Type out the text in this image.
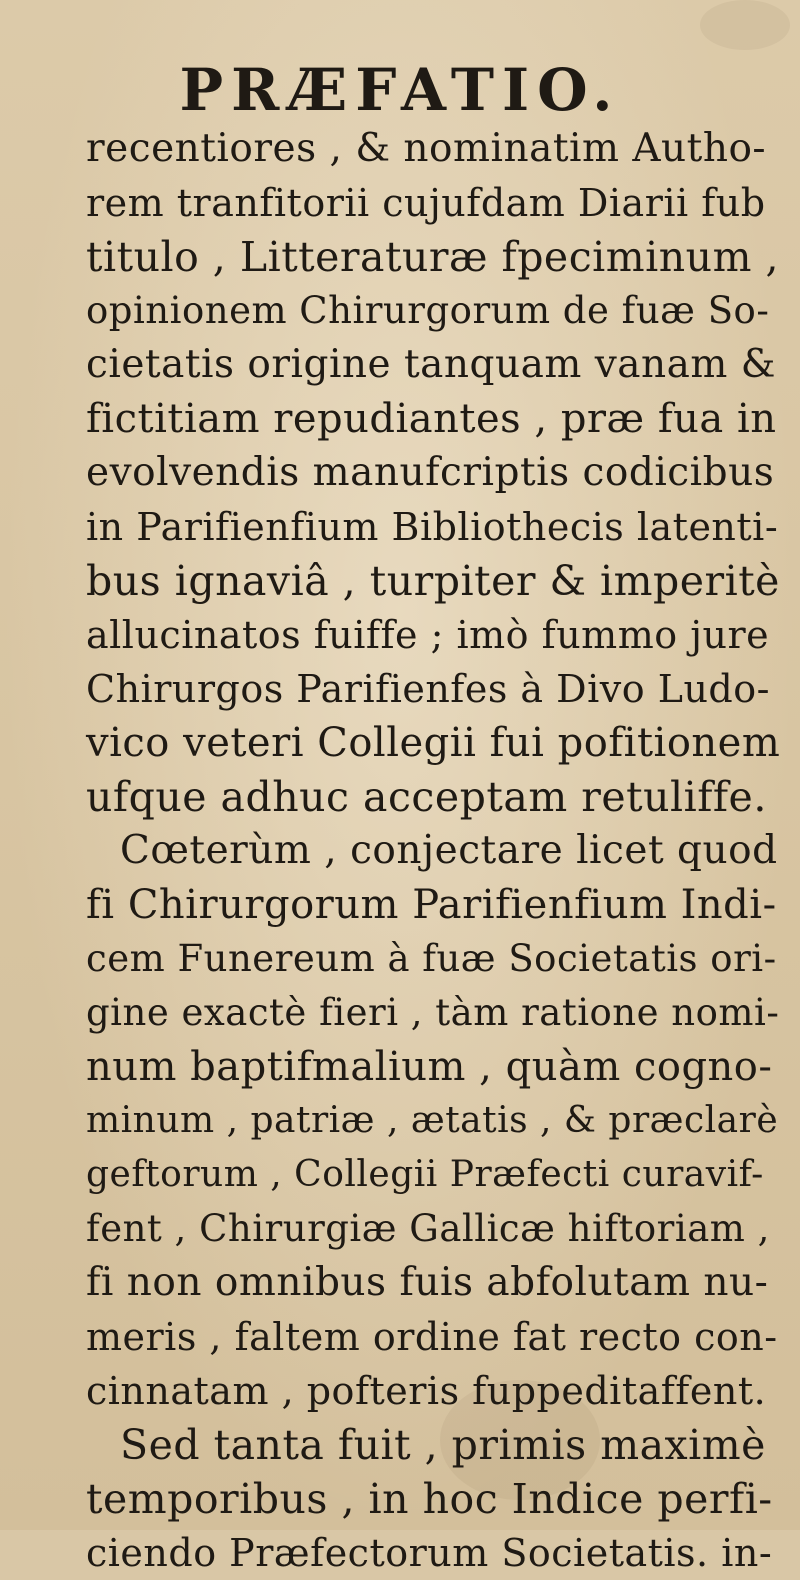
PRÆFATIO.
recentiores , & nominatim Autho-
rem tranfitorii cujufdam Diarii fub
titulo , Litteraturæ fpeciminum ,
opinionem Chirurgorum de fuæ So-
cietatis origine tanquam vanam &
fictitiam repudiantes , præ fua in
evolvendis manufcriptis codicibus
in Parifienfium Bibliothecis latenti-
bus ignaviâ , turpiter & imperitè
allucinatos fuiffe ; imò fummo jure
Chirurgos Parifienfes à Divo Ludo-
vico veteri Collegii fui pofitionem
ufque adhuc acceptam retuliffe.
Cœterùm , conjectare licet quod
fi Chirurgorum Parifienfium Indi-
cem Funereum à fuæ Societatis ori-
gine exactè fieri , tàm ratione nomi-
num baptifmalium , quàm cogno-
minum , patriæ , ætatis , & præclarè
geftorum , Collegii Præfecti curavif-
fent , Chirurgiæ Gallicæ hiftoriam ,
fi non omnibus fuis abfolutam nu-
meris , faltem ordine fat recto con-
cinnatam , pofteris fuppeditaffent.
Sed tanta fuit , primis maximè
temporibus , in hoc Indice perfi-
ciendo Præfectorum Societatis. in-
